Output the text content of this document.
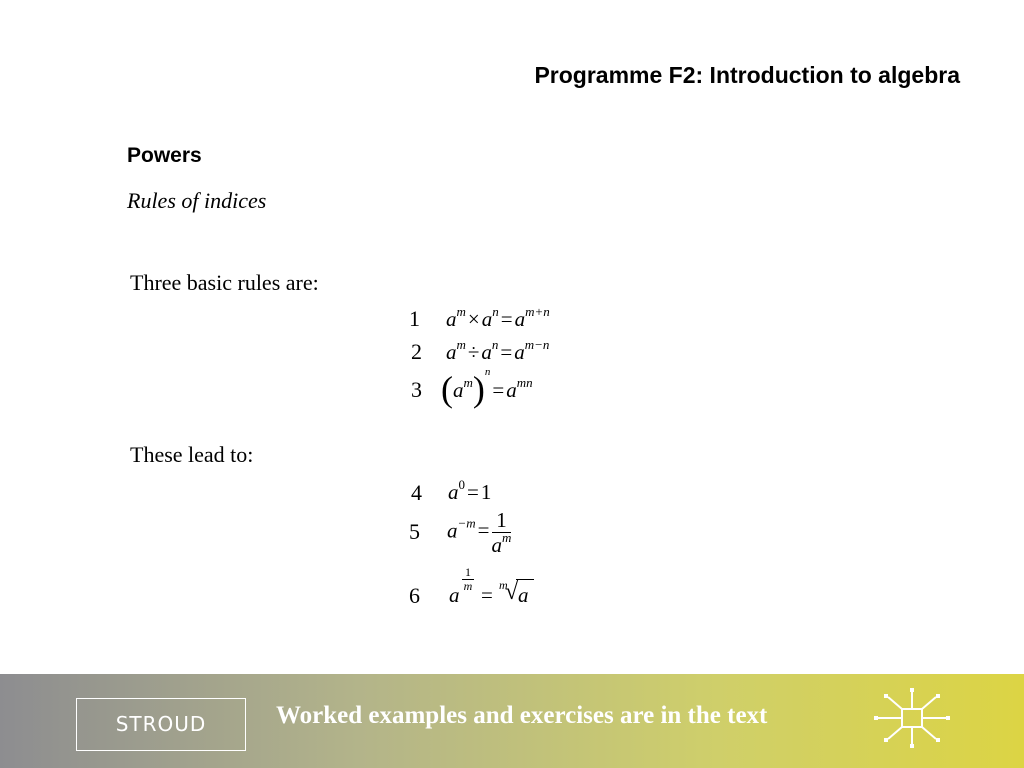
Programme F2: Introduction to algebra
Powers
Rules of indices
Three basic rules are:
1 $a^m\times a^n=a^{m+n}$
2 $a^m\div a^n=a^{m-n}$
3 $(a^m)^n=a^{mn}$
These lead to:
4 $a^0=1$
5 $a^{-m}= \frac{1}{a^m}$
6 a
1
m = m
√ a
STROUD	Worked examples and exercises are in the text
